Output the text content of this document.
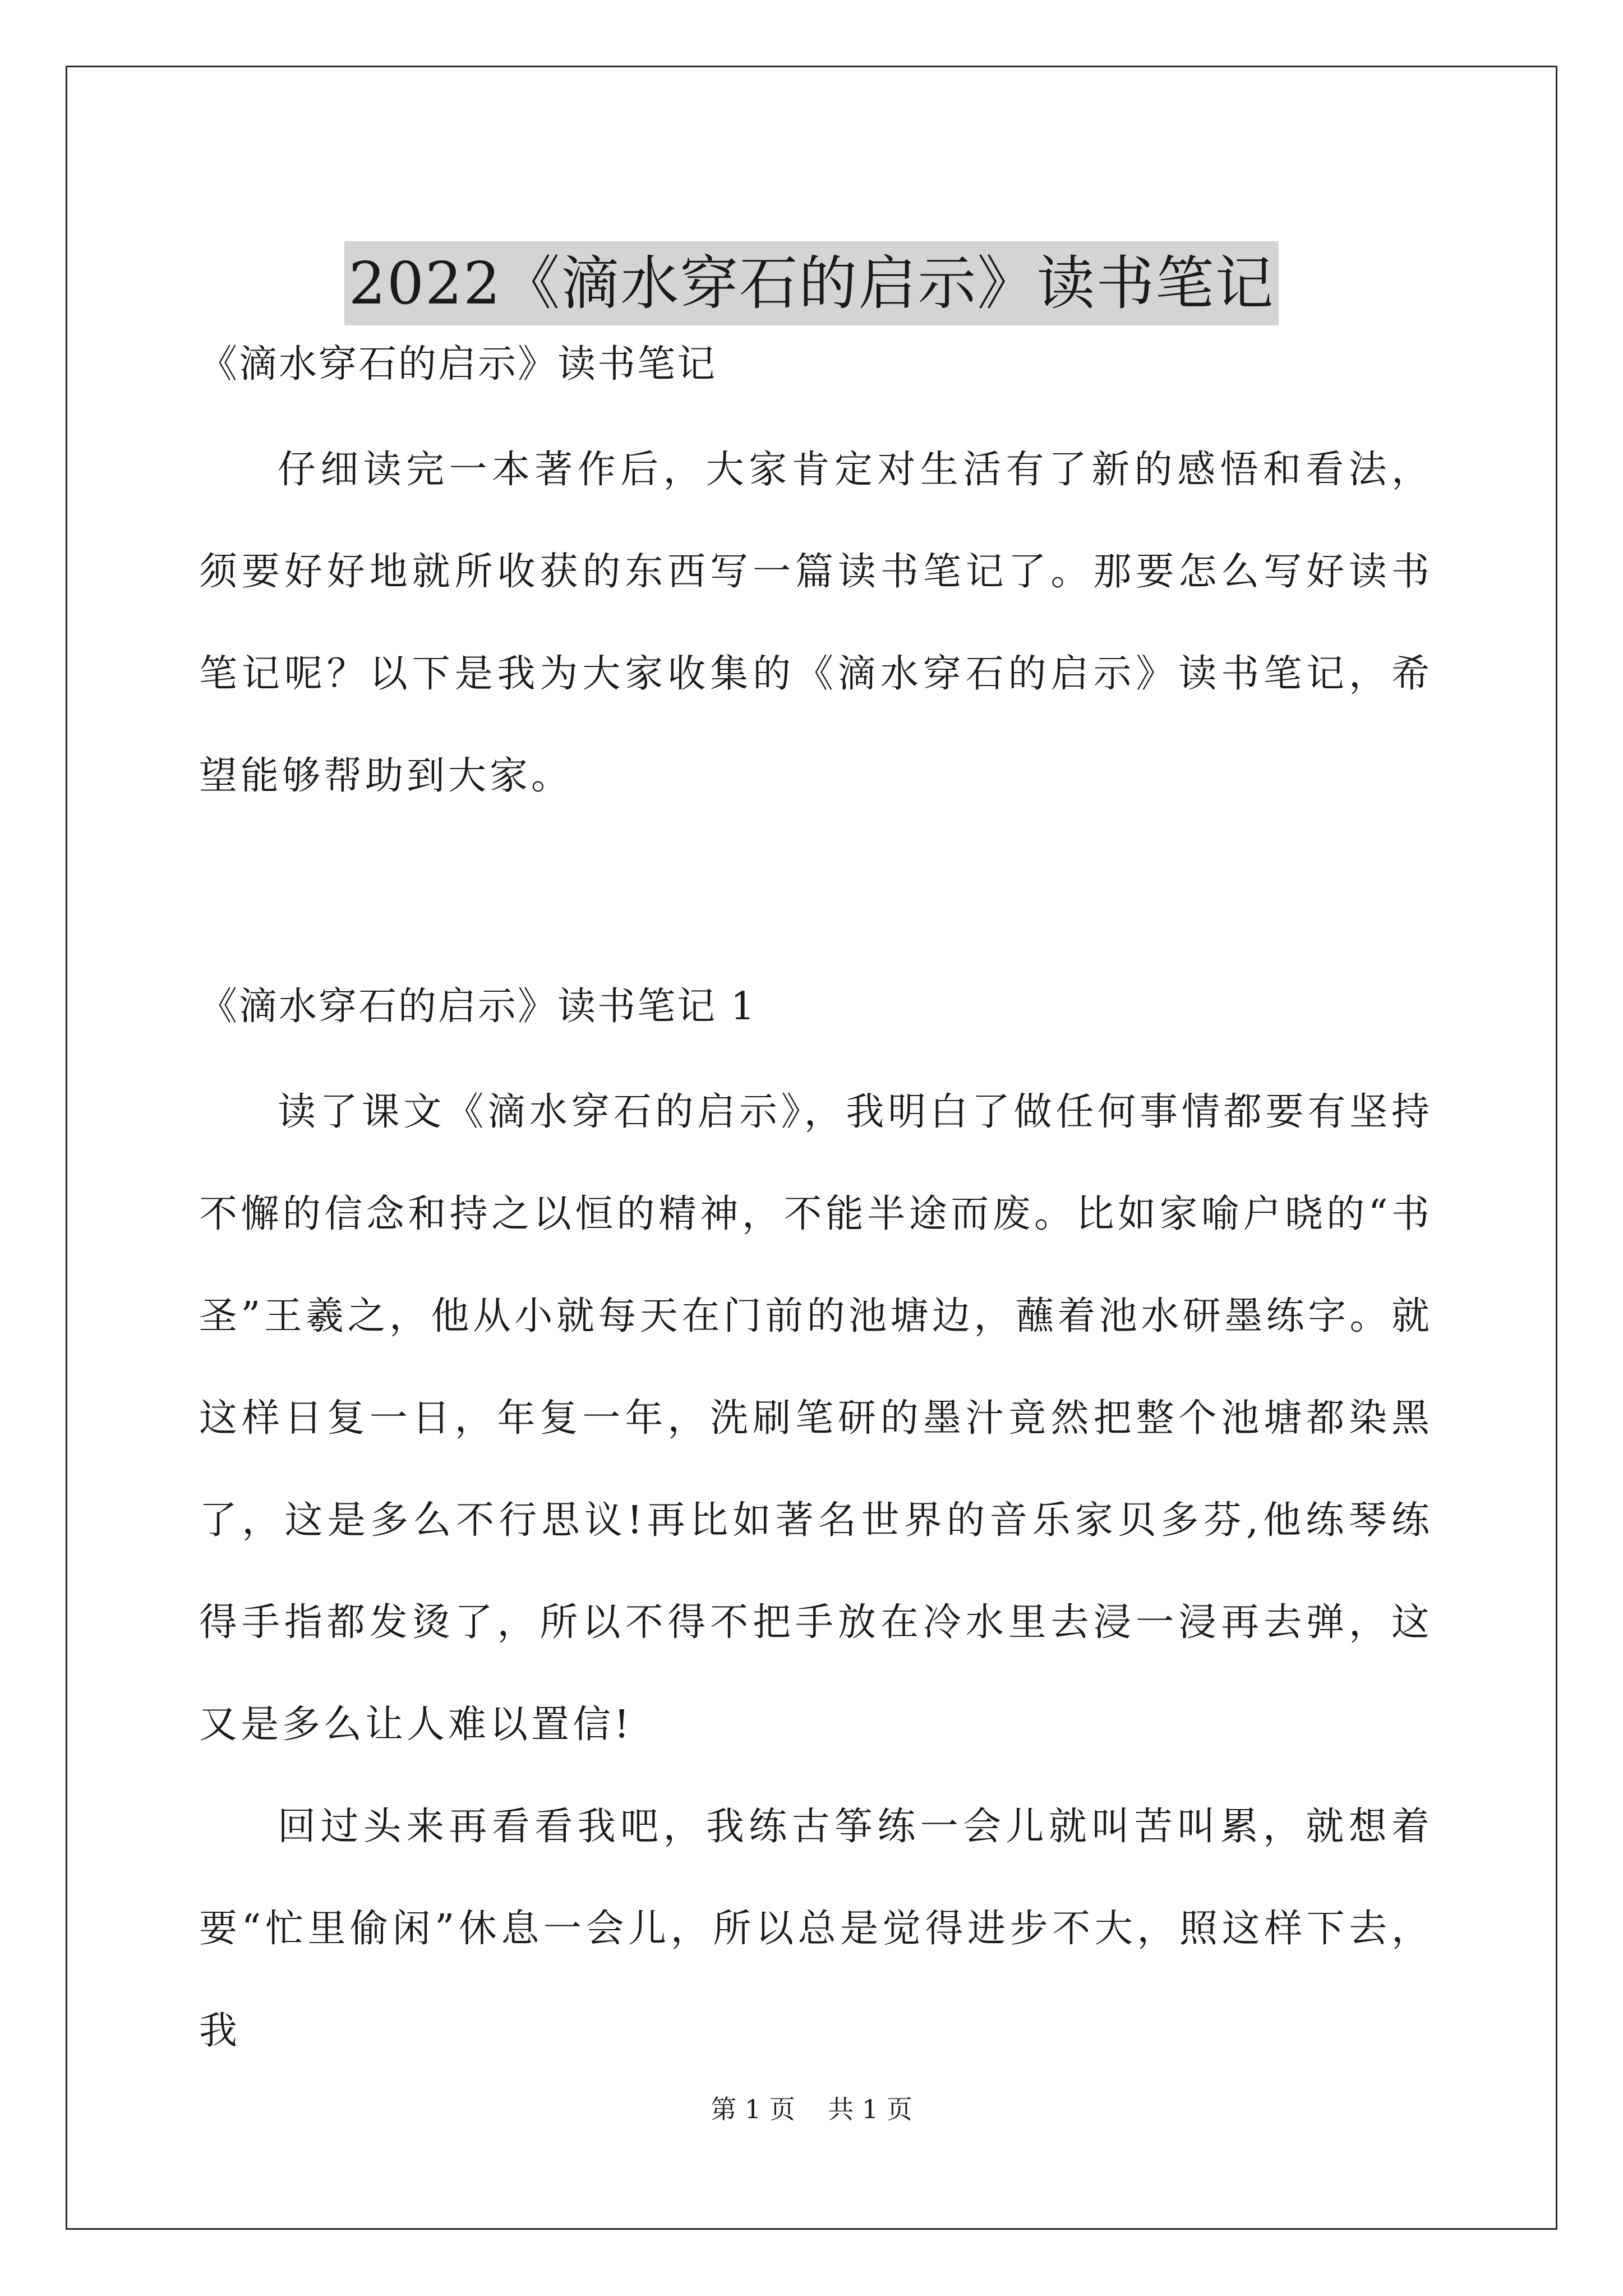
2022《滴水穿石的启示》读书笔记

《滴水穿石的启示》读书笔记

仔细读完一本著作后，大家肯定对生活有了新的感悟和看法，须要好好地就所收获的东西写一篇读书笔记了。那要怎么写好读书笔记呢？以下是我为大家收集的《滴水穿石的启示》读书笔记，希望能够帮助到大家。

《滴水穿石的启示》读书笔记 1

读了课文《滴水穿石的启示》，我明白了做任何事情都要有坚持不懈的信念和持之以恒的精神，不能半途而废。比如家喻户晓的“书圣”王羲之，他从小就每天在门前的池塘边，蘸着池水研墨练字。就这样日复一日，年复一年，洗刷笔研的墨汁竟然把整个池塘都染黑了，这是多么不行思议!再比如著名世界的音乐家贝多芬,他练琴练得手指都发烫了，所以不得不把手放在冷水里去浸一浸再去弹，这又是多么让人难以置信!

回过头来再看看我吧，我练古筝练一会儿就叫苦叫累，就想着要“忙里偷闲”休息一会儿，所以总是觉得进步不大，照这样下去，我

第 1 页    共 1 页
